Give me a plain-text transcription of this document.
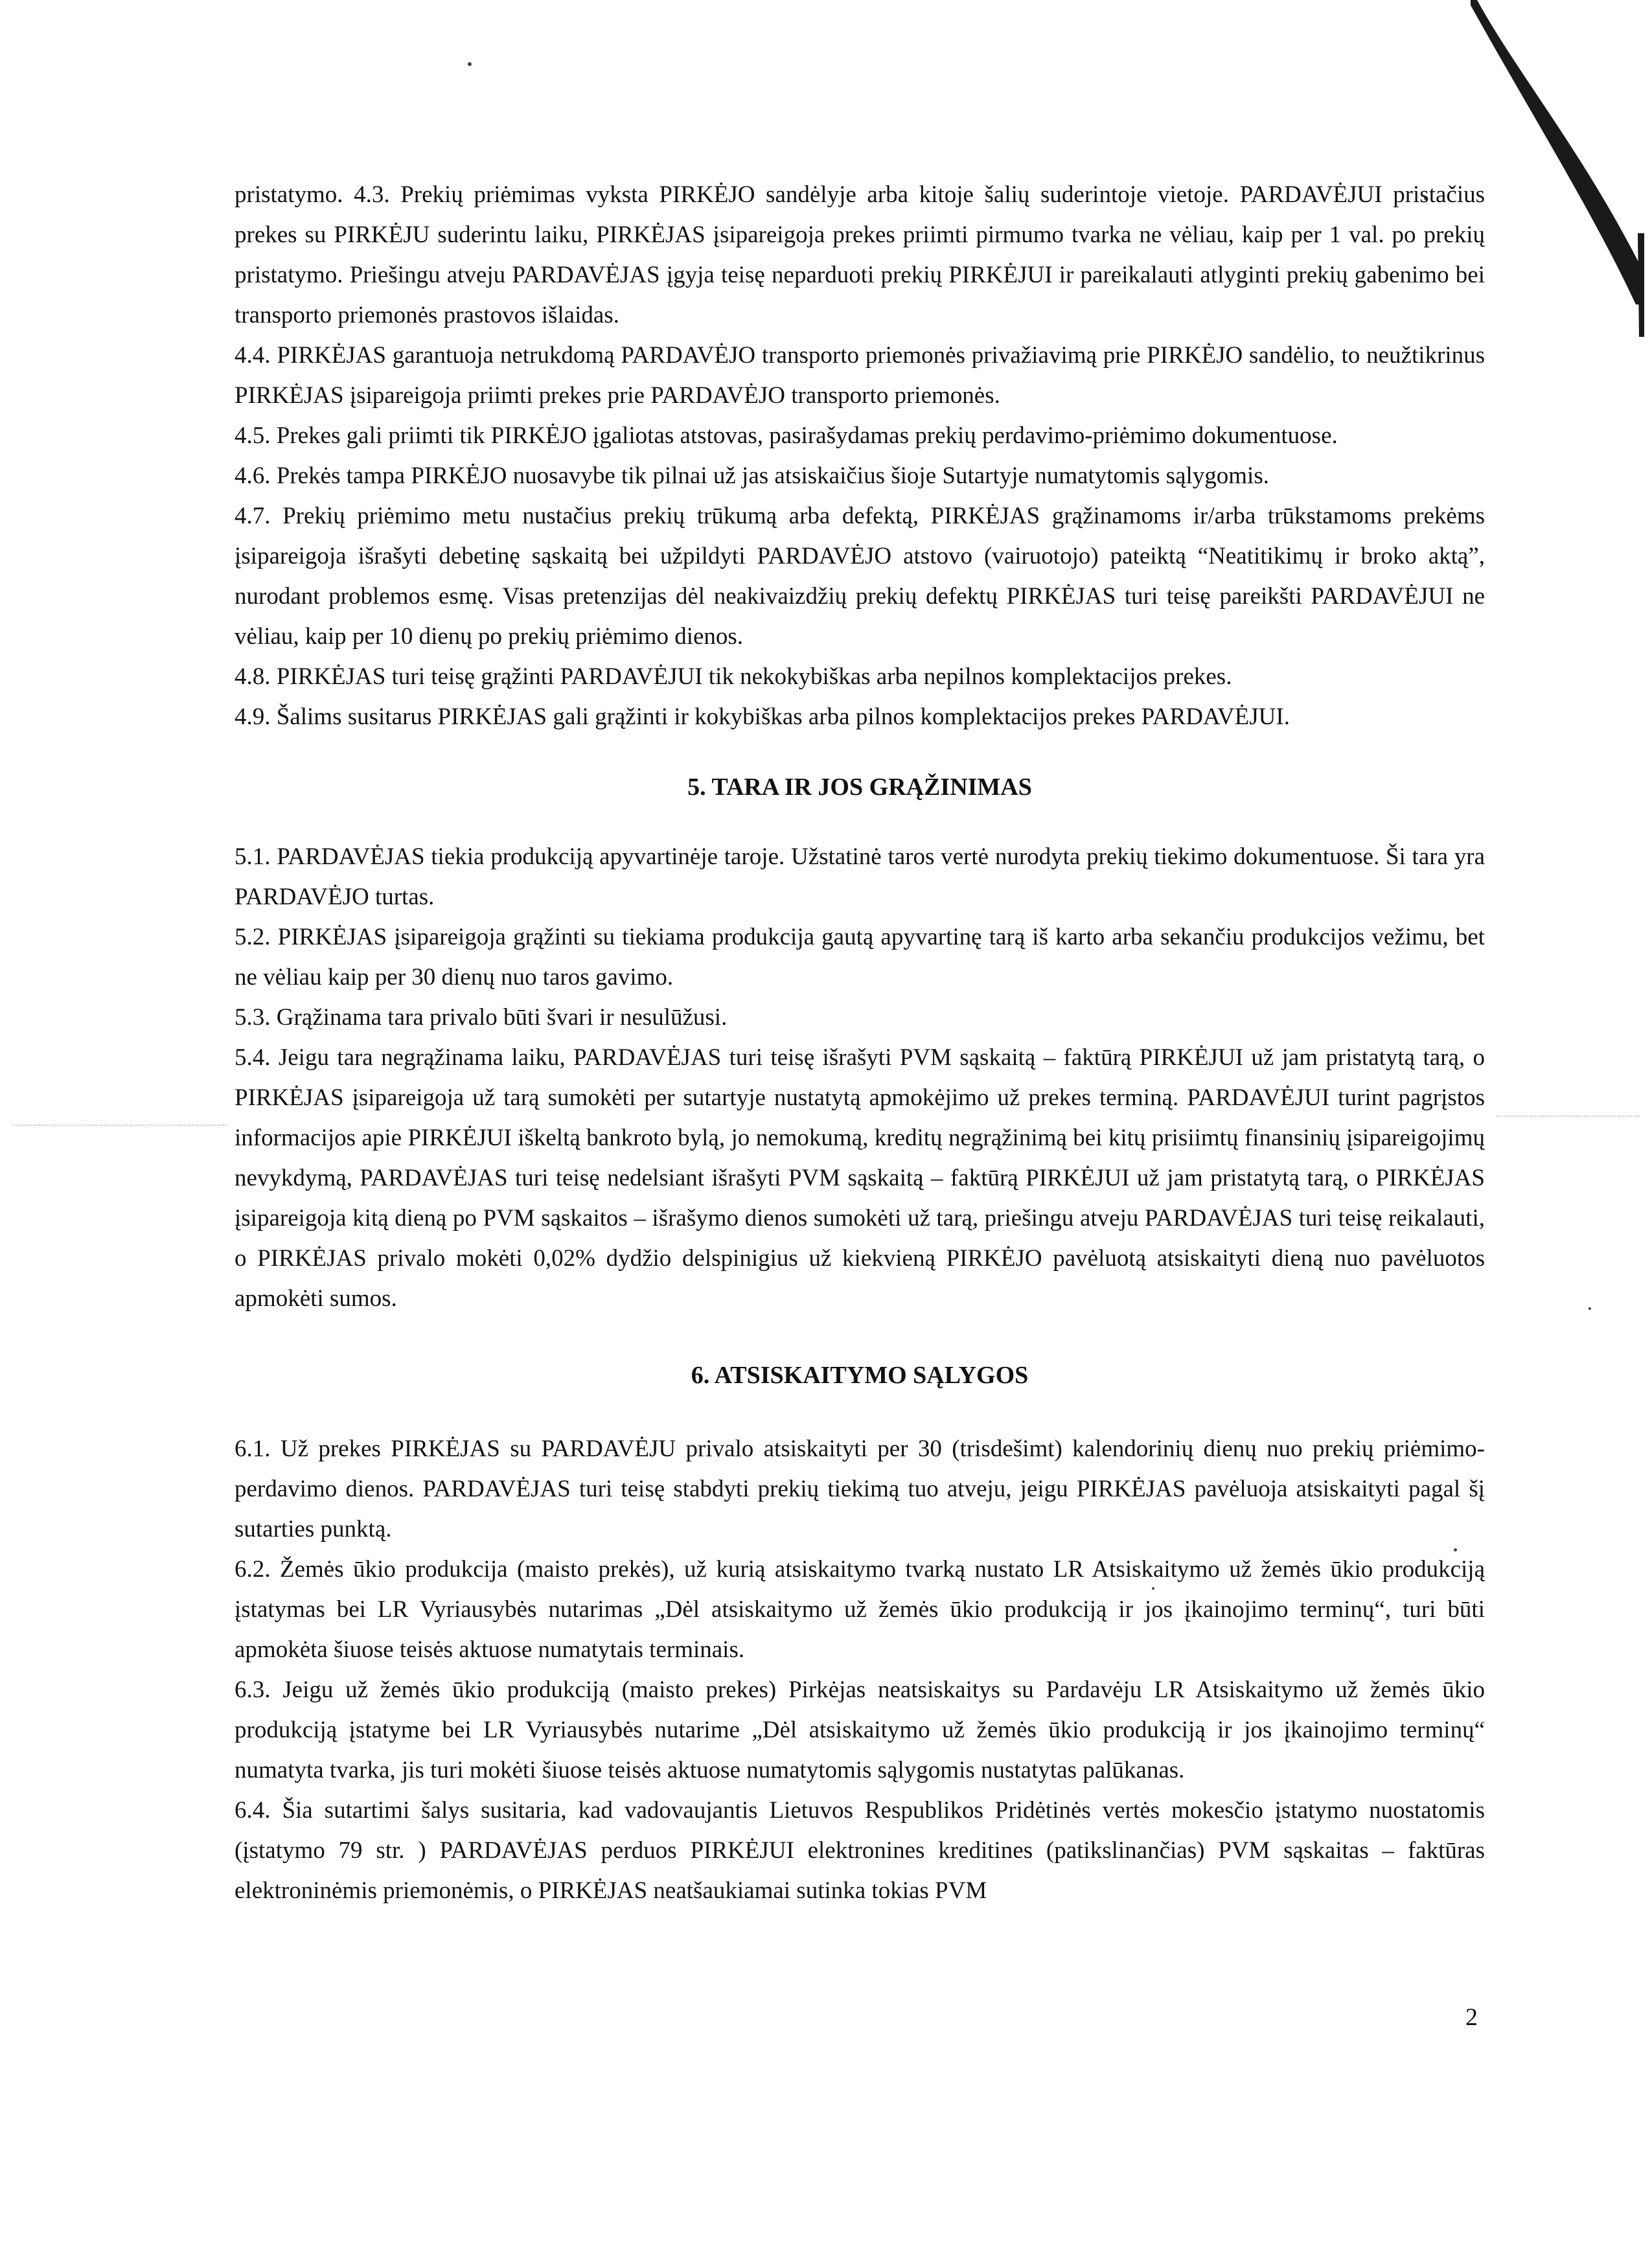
pristatymo. 4.3. Prekių priėmimas vyksta PIRKĖJO sandėlyje arba kitoje šalių suderintoje vietoje. PARDAVĖJUI pristačius prekes su PIRKĖJU suderintu laiku, PIRKĖJAS įsipareigoja prekes priimti pirmumo tvarka ne vėliau, kaip per 1 val. po prekių pristatymo. Priešingu atveju PARDAVĖJAS įgyja teisę neparduoti prekių PIRKĖJUI ir pareikalauti atlyginti prekių gabenimo bei transporto priemonės prastovos išlaidas.

4.4. PIRKĖJAS garantuoja netrukdomą PARDAVĖJO transporto priemonės privažiavimą prie PIRKĖJO sandėlio, to neužtikrinus PIRKĖJAS įsipareigoja priimti prekes prie PARDAVĖJO transporto priemonės.

4.5. Prekes gali priimti tik PIRKĖJO įgaliotas atstovas, pasirašydamas prekių perdavimo-priėmimo dokumentuose.

4.6. Prekės tampa PIRKĖJO nuosavybe tik pilnai už jas atsiskaičius šioje Sutartyje numatytomis sąlygomis.

4.7. Prekių priėmimo metu nustačius prekių trūkumą arba defektą, PIRKĖJAS grąžinamoms ir/arba trūkstamoms prekėms įsipareigoja išrašyti debetinę sąskaitą bei užpildyti PARDAVĖJO atstovo (vairuotojo) pateiktą “Neatitikimų ir broko aktą”, nurodant problemos esmę. Visas pretenzijas dėl neakivaizdžių prekių defektų PIRKĖJAS turi teisę pareikšti PARDAVĖJUI ne vėliau, kaip per 10 dienų po prekių priėmimo dienos.

4.8. PIRKĖJAS turi teisę grąžinti PARDAVĖJUI tik nekokybiškas arba nepilnos komplektacijos prekes.

4.9. Šalims susitarus PIRKĖJAS gali grąžinti ir kokybiškas arba pilnos komplektacijos prekes PARDAVĖJUI.

5. TARA IR JOS GRĄŽINIMAS

5.1. PARDAVĖJAS tiekia produkciją apyvartinėje taroje. Užstatinė taros vertė nurodyta prekių tiekimo dokumentuose. Ši tara yra PARDAVĖJO turtas.

5.2. PIRKĖJAS įsipareigoja grąžinti su tiekiama produkcija gautą apyvartinę tarą iš karto arba sekančiu produkcijos vežimu, bet ne vėliau kaip per 30 dienų nuo taros gavimo.

5.3. Grąžinama tara privalo būti švari ir nesulūžusi.

5.4. Jeigu tara negrąžinama laiku, PARDAVĖJAS turi teisę išrašyti PVM sąskaitą – faktūrą PIRKĖJUI už jam pristatytą tarą, o PIRKĖJAS įsipareigoja už tarą sumokėti per sutartyje nustatytą apmokėjimo už prekes terminą. PARDAVĖJUI turint pagrįstos informacijos apie PIRKĖJUI iškeltą bankroto bylą, jo nemokumą, kreditų negrąžinimą bei kitų prisiimtų finansinių įsipareigojimų nevykdymą, PARDAVĖJAS turi teisę nedelsiant išrašyti PVM sąskaitą – faktūrą PIRKĖJUI už jam pristatytą tarą, o PIRKĖJAS įsipareigoja kitą dieną po PVM sąskaitos – išrašymo dienos sumokėti už tarą, priešingu atveju PARDAVĖJAS turi teisę reikalauti, o PIRKĖJAS privalo mokėti 0,02% dydžio delspinigius už kiekvieną PIRKĖJO pavėluotą atsiskaityti dieną nuo pavėluotos apmokėti sumos.

6. ATSISKAITYMO SĄLYGOS

6.1. Už prekes PIRKĖJAS su PARDAVĖJU privalo atsiskaityti per 30 (trisdešimt) kalendorinių dienų nuo prekių priėmimo-perdavimo dienos. PARDAVĖJAS turi teisę stabdyti prekių tiekimą tuo atveju, jeigu PIRKĖJAS pavėluoja atsiskaityti pagal šį sutarties punktą.

6.2. Žemės ūkio produkcija (maisto prekės), už kurią atsiskaitymo tvarką nustato LR Atsiskaitymo už žemės ūkio produkciją įstatymas bei LR Vyriausybės nutarimas „Dėl atsiskaitymo už žemės ūkio produkciją ir jos įkainojimo terminų“, turi būti apmokėta šiuose teisės aktuose numatytais terminais.

6.3. Jeigu už žemės ūkio produkciją (maisto prekes) Pirkėjas neatsiskaitys su Pardavėju LR Atsiskaitymo už žemės ūkio produkciją įstatyme bei LR Vyriausybės nutarime „Dėl atsiskaitymo už žemės ūkio produkciją ir jos įkainojimo terminų“ numatyta tvarka, jis turi mokėti šiuose teisės aktuose numatytomis sąlygomis nustatytas palūkanas.

6.4. Šia sutartimi šalys susitaria, kad vadovaujantis Lietuvos Respublikos Pridėtinės vertės mokesčio įstatymo nuostatomis (įstatymo 79 str. ) PARDAVĖJAS perduos PIRKĖJUI elektronines kreditines (patikslinančias) PVM sąskaitas – faktūras elektroninėmis priemonėmis, o PIRKĖJAS neatšaukiamai sutinka tokias PVM

2
